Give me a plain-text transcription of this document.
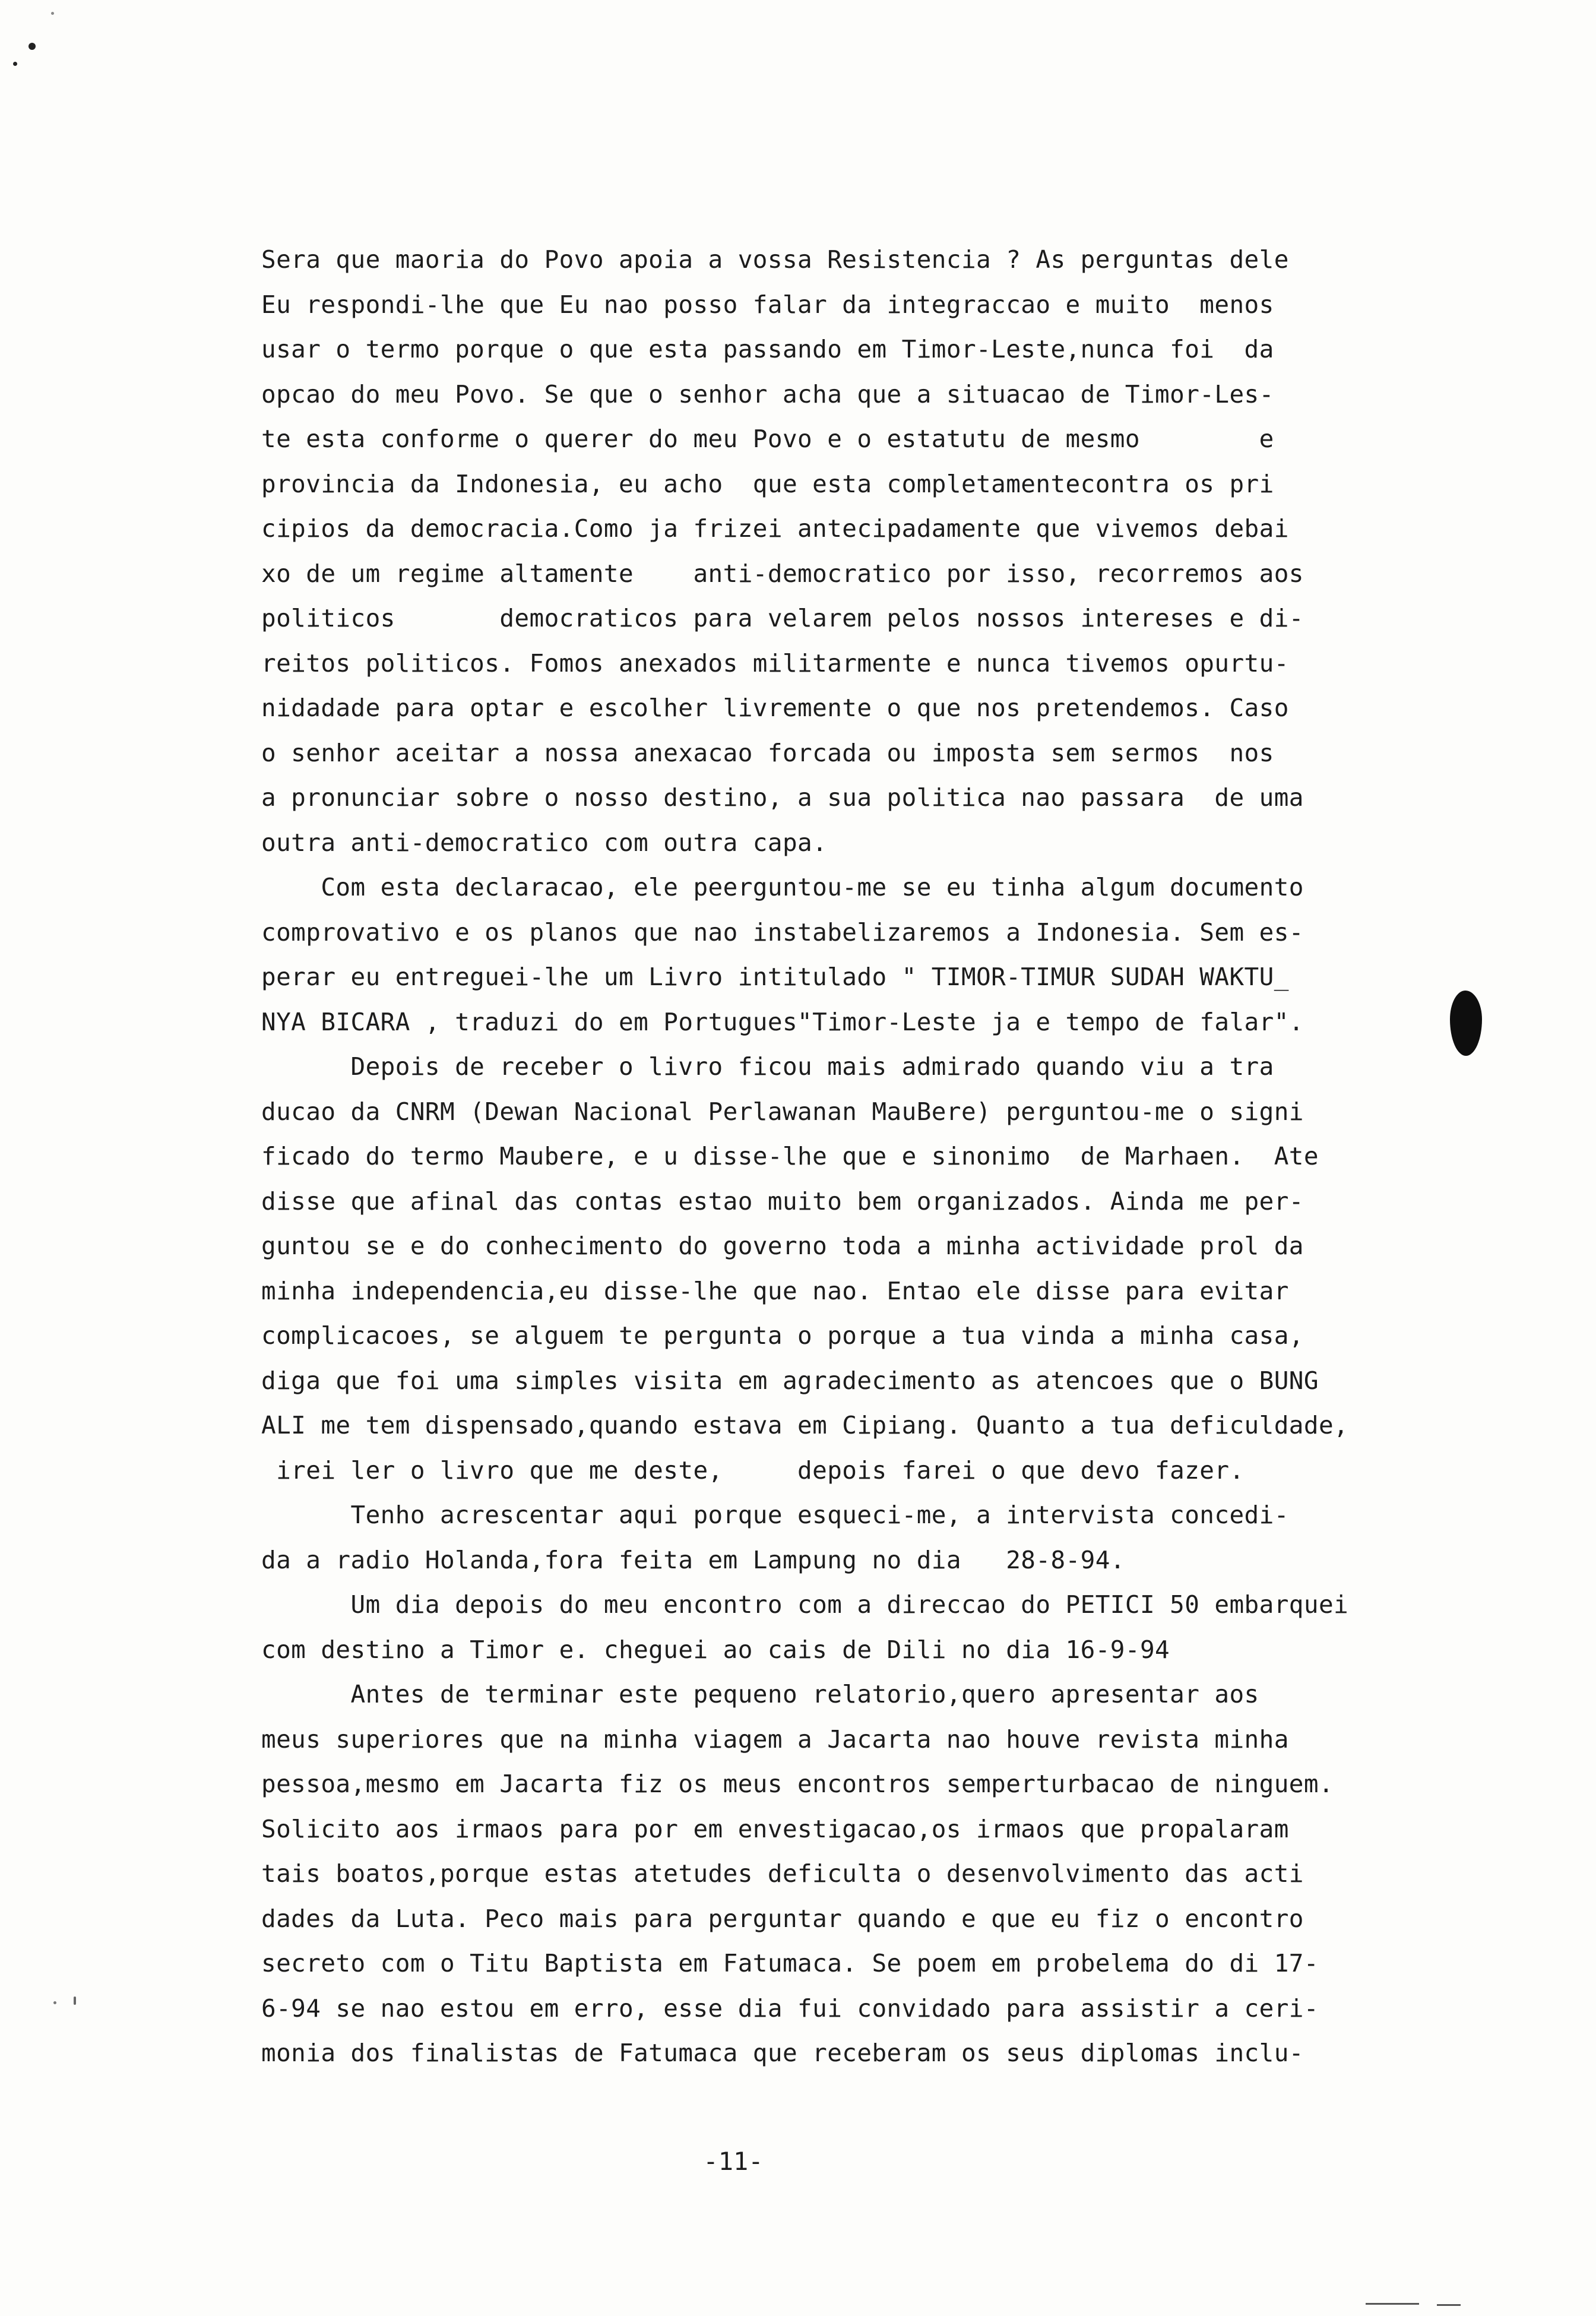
Sera que maoria do Povo apoia a vossa Resistencia ? As perguntas dele
Eu respondi-lhe que Eu nao posso falar da integraccao e muito  menos
usar o termo porque o que esta passando em Timor-Leste,nunca foi  da
opcao do meu Povo. Se que o senhor acha que a situacao de Timor-Les-
te esta conforme o querer do meu Povo e o estatutu de mesmo        e
provincia da Indonesia, eu acho  que esta completamentecontra os pri
cipios da democracia.Como ja frizei antecipadamente que vivemos debai
xo de um regime altamente    anti-democratico por isso, recorremos aos
politicos       democraticos para velarem pelos nossos intereses e di-
reitos politicos. Fomos anexados militarmente e nunca tivemos opurtu-
nidadade para optar e escolher livremente o que nos pretendemos. Caso
o senhor aceitar a nossa anexacao forcada ou imposta sem sermos  nos
a pronunciar sobre o nosso destino, a sua politica nao passara  de uma
outra anti-democratico com outra capa.
Com esta declaracao, ele peerguntou-me se eu tinha algum documento
comprovativo e os planos que nao instabelizaremos a Indonesia. Sem es-
perar eu entreguei-lhe um Livro intitulado " TIMOR-TIMUR SUDAH WAKTU_
NYA BICARA , traduzi do em Portugues"Timor-Leste ja e tempo de falar".
Depois de receber o livro ficou mais admirado quando viu a tra
ducao da CNRM (Dewan Nacional Perlawanan MauBere) perguntou-me o signi
ficado do termo Maubere, e u disse-lhe que e sinonimo  de Marhaen.  Ate
disse que afinal das contas estao muito bem organizados. Ainda me per-
guntou se e do conhecimento do governo toda a minha actividade prol da
minha independencia,eu disse-lhe que nao. Entao ele disse para evitar
complicacoes, se alguem te pergunta o porque a tua vinda a minha casa,
diga que foi uma simples visita em agradecimento as atencoes que o BUNG
ALI me tem dispensado,quando estava em Cipiang. Quanto a tua deficuldade,
irei ler o livro que me deste,     depois farei o que devo fazer.
Tenho acrescentar aqui porque esqueci-me, a intervista concedi-
da a radio Holanda,fora feita em Lampung no dia   28-8-94.
Um dia depois do meu encontro com a direccao do PETICI 50 embarquei
com destino a Timor e. cheguei ao cais de Dili no dia 16-9-94
Antes de terminar este pequeno relatorio,quero apresentar aos
meus superiores que na minha viagem a Jacarta nao houve revista minha
pessoa,mesmo em Jacarta fiz os meus encontros semperturbacao de ninguem.
Solicito aos irmaos para por em envestigacao,os irmaos que propalaram
tais boatos,porque estas atetudes deficulta o desenvolvimento das acti
dades da Luta. Peco mais para perguntar quando e que eu fiz o encontro
secreto com o Titu Baptista em Fatumaca. Se poem em probelema do di 17-
6-94 se nao estou em erro, esse dia fui convidado para assistir a ceri-
monia dos finalistas de Fatumaca que receberam os seus diplomas inclu-
-11-
